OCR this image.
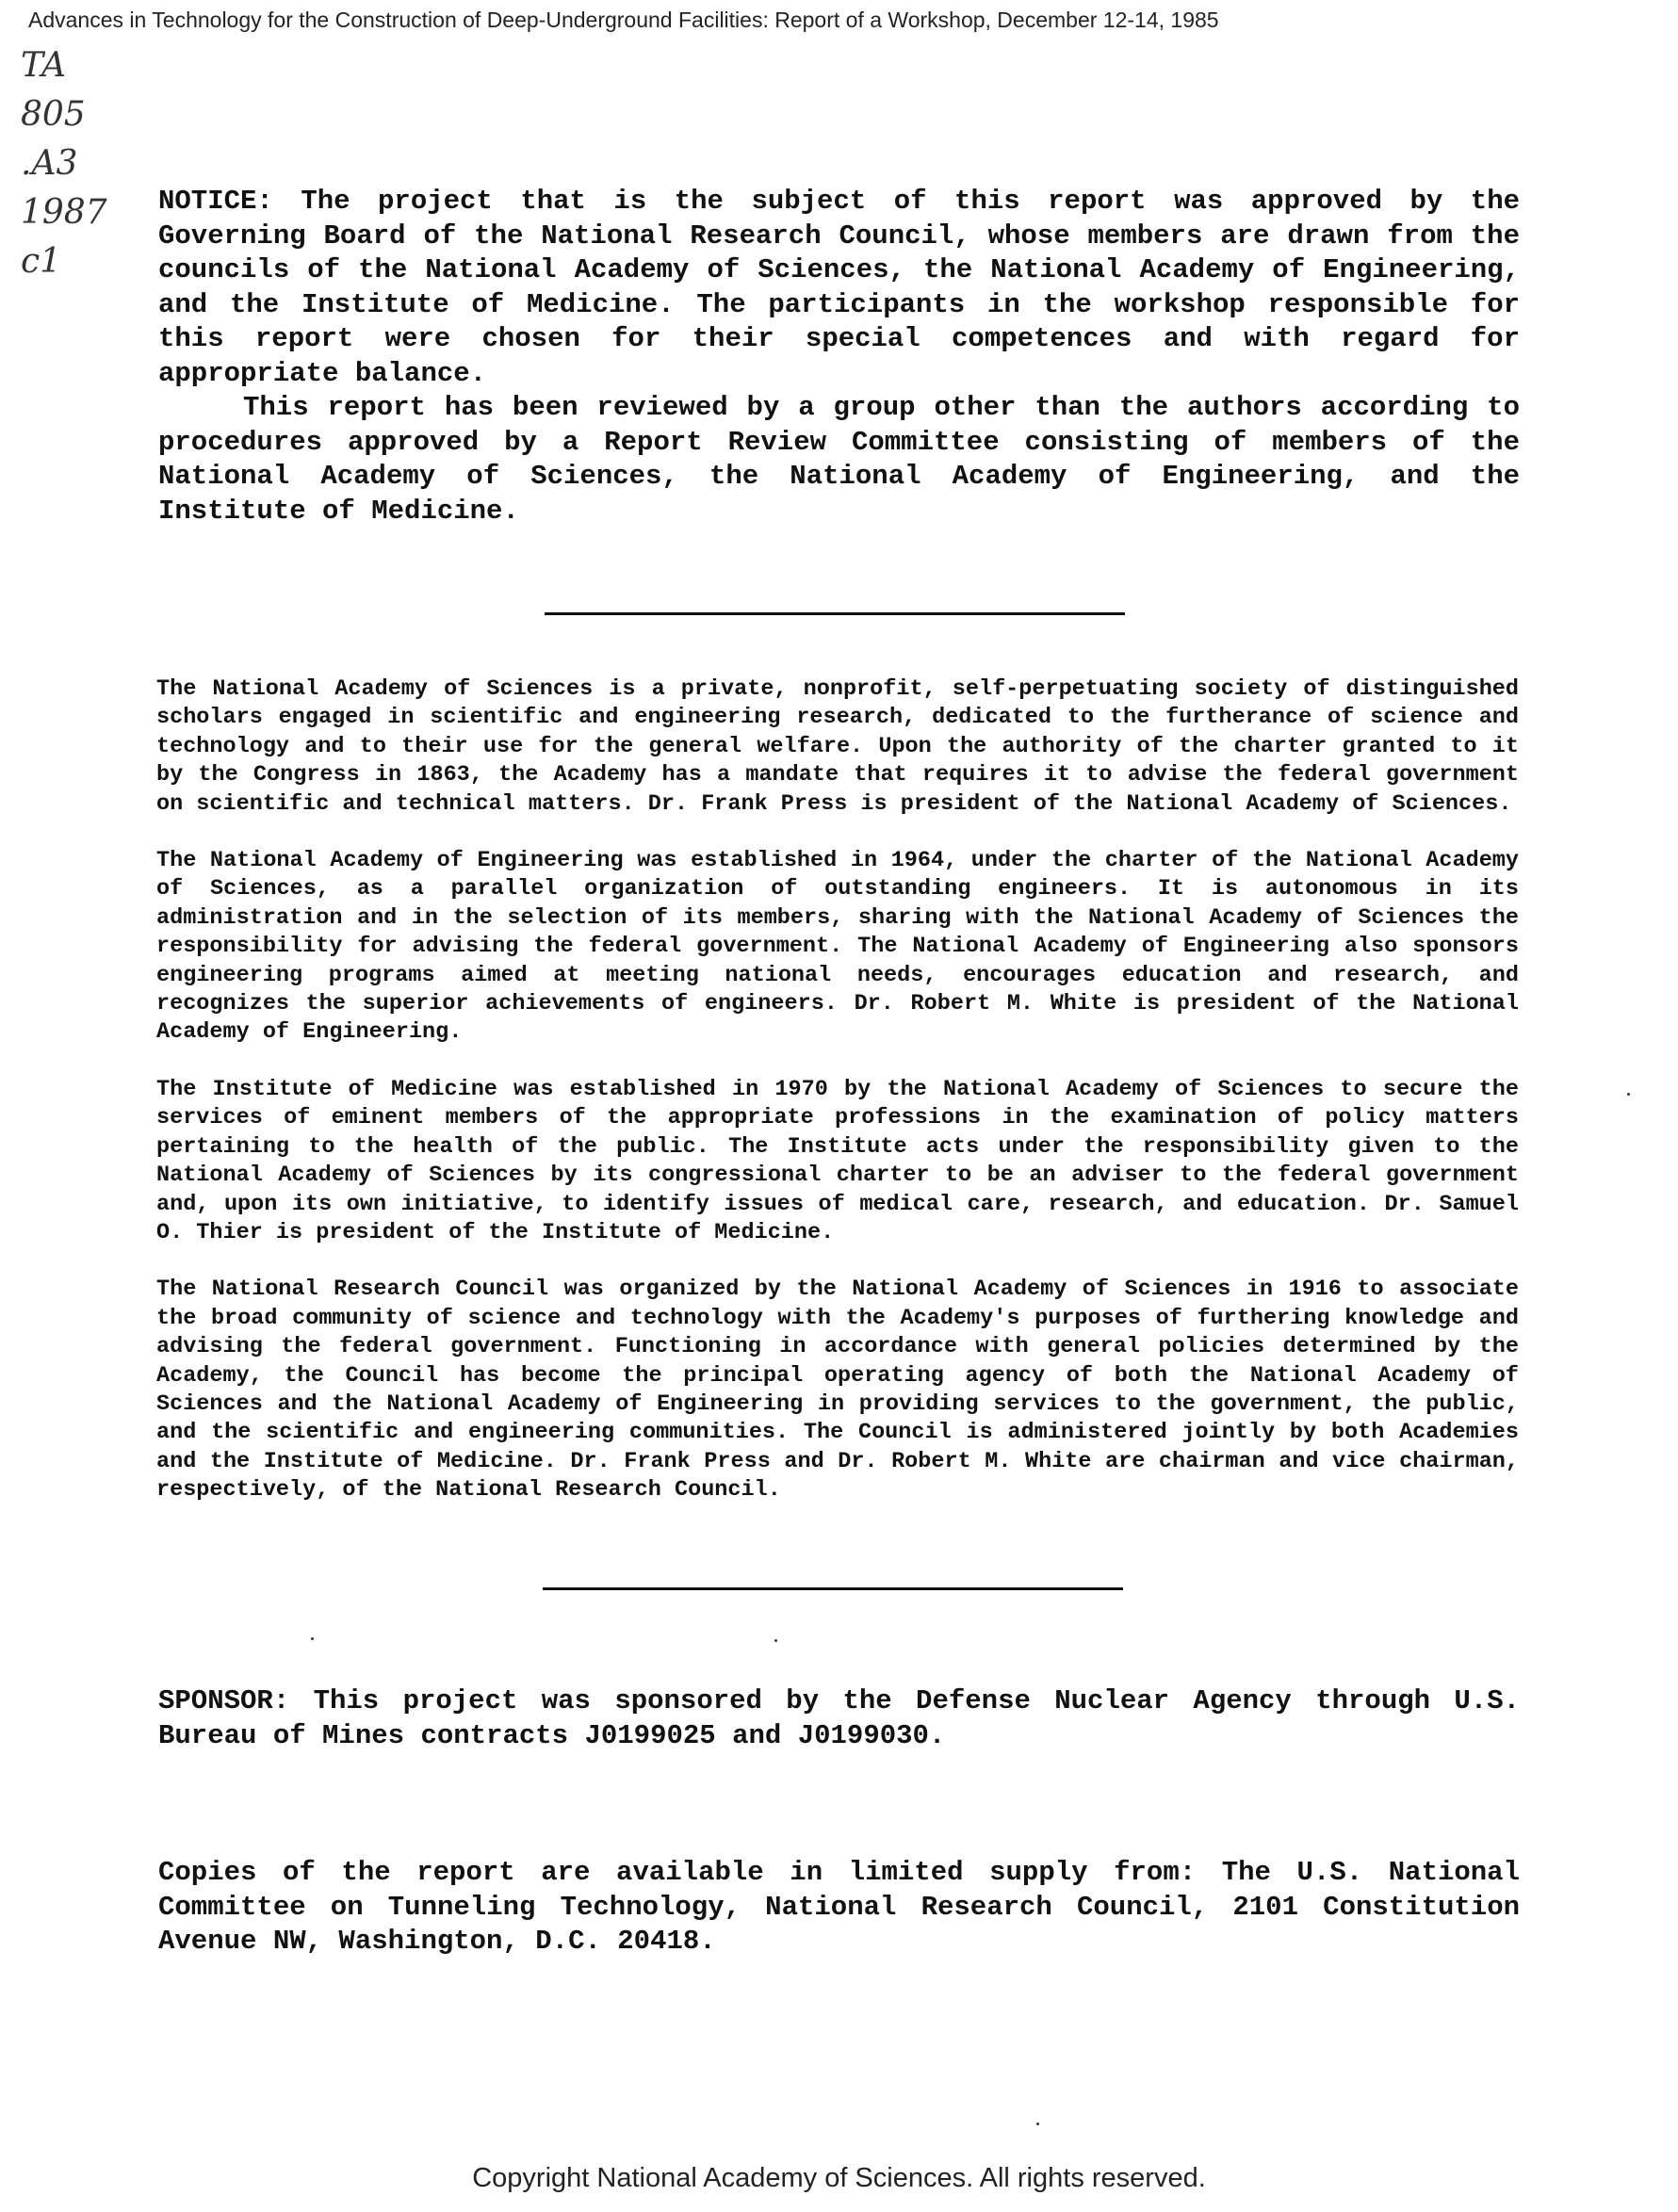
Advances in Technology for the Construction of Deep-Underground Facilities: Report of a Workshop, December 12-14, 1985
TA
805
.A3
1987
c1

NOTICE: The project that is the subject of this report was approved by the Governing Board of the National Research Council, whose members are drawn from the councils of the National Academy of Sciences, the National Academy of Engineering, and the Institute of Medicine. The participants in the workshop responsible for this report were chosen for their special competences and with regard for appropriate balance.

This report has been reviewed by a group other than the authors according to procedures approved by a Report Review Committee consisting of members of the National Academy of Sciences, the National Academy of Engineering, and the Institute of Medicine.

The National Academy of Sciences is a private, nonprofit, self-perpetuating society of distinguished scholars engaged in scientific and engineering research, dedicated to the furtherance of science and technology and to their use for the general welfare. Upon the authority of the charter granted to it by the Congress in 1863, the Academy has a mandate that requires it to advise the federal government on scientific and technical matters. Dr. Frank Press is president of the National Academy of Sciences.

The National Academy of Engineering was established in 1964, under the charter of the National Academy of Sciences, as a parallel organization of outstanding engineers. It is autonomous in its administration and in the selection of its members, sharing with the National Academy of Sciences the responsibility for advising the federal government. The National Academy of Engineering also sponsors engineering programs aimed at meeting national needs, encourages education and research, and recognizes the superior achievements of engineers. Dr. Robert M. White is president of the National Academy of Engineering.

The Institute of Medicine was established in 1970 by the National Academy of Sciences to secure the services of eminent members of the appropriate professions in the examination of policy matters pertaining to the health of the public. The Institute acts under the responsibility given to the National Academy of Sciences by its congressional charter to be an adviser to the federal government and, upon its own initiative, to identify issues of medical care, research, and education. Dr. Samuel O. Thier is president of the Institute of Medicine.

The National Research Council was organized by the National Academy of Sciences in 1916 to associate the broad community of science and technology with the Academy's purposes of furthering knowledge and advising the federal government. Functioning in accordance with general policies determined by the Academy, the Council has become the principal operating agency of both the National Academy of Sciences and the National Academy of Engineering in providing services to the government, the public, and the scientific and engineering communities. The Council is administered jointly by both Academies and the Institute of Medicine. Dr. Frank Press and Dr. Robert M. White are chairman and vice chairman, respectively, of the National Research Council.

SPONSOR: This project was sponsored by the Defense Nuclear Agency through U.S. Bureau of Mines contracts J0199025 and J0199030.
Copies of the report are available in limited supply from: The U.S. National Committee on Tunneling Technology, National Research Council, 2101 Constitution Avenue NW, Washington, D.C. 20418.
Copyright National Academy of Sciences. All rights reserved.
